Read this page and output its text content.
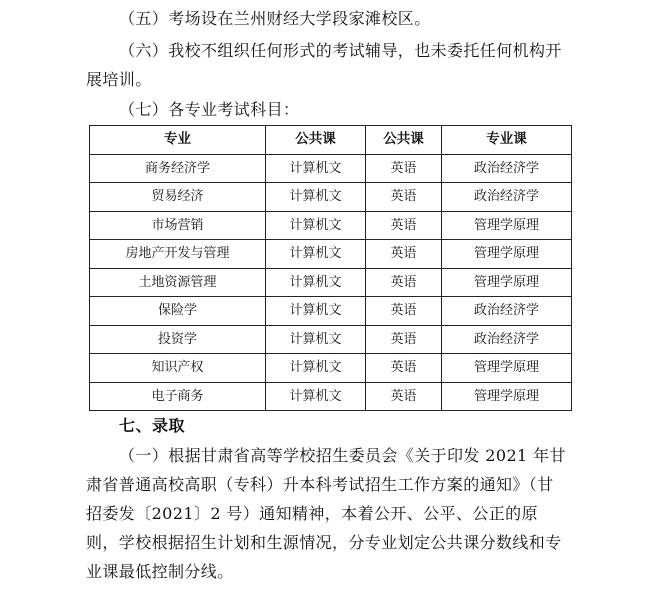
（五）考场设在兰州财经大学段家滩校区。
（六）我校不组织任何形式的考试辅导，也未委托任何机构开展培训。
（七）各专业考试科目：
专业	公共课	公共课	专业课
商务经济学	计算机文	英语	政治经济学
贸易经济	计算机文	英语	政治经济学
市场营销	计算机文	英语	管理学原理
房地产开发与管理	计算机文	英语	管理学原理
土地资源管理	计算机文	英语	管理学原理
保险学	计算机文	英语	政治经济学
投资学	计算机文	英语	政治经济学
知识产权	计算机文	英语	管理学原理
电子商务	计算机文	英语	管理学原理
七、录取
（一）根据甘肃省高等学校招生委员会《关于印发 2021 年甘肃省普通高校高职（专科）升本科考试招生工作方案的通知》（甘招委发〔2021〕2 号）通知精神，本着公开、公平、公正的原则，学校根据招生计划和生源情况，分专业划定公共课分数线和专业课最低控制分线。
